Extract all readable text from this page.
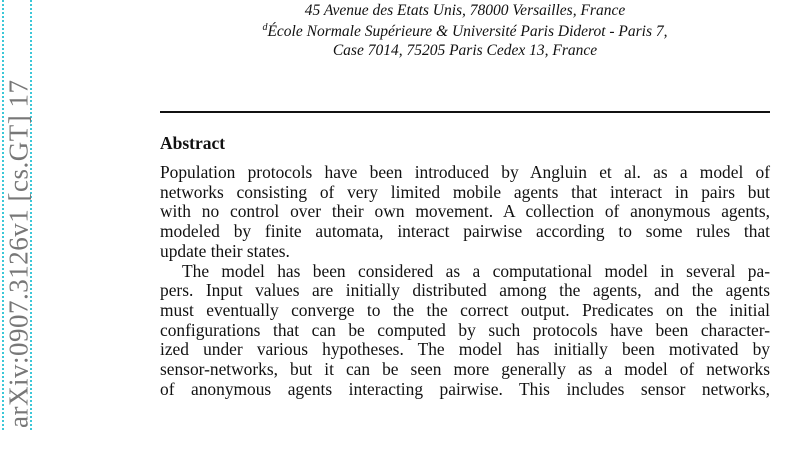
arXiv:0907.3126v1 [cs.GT] 17
45 Avenue des Etats Unis, 78000 Versailles, France
$^d$École Normale Supérieure & Université Paris Diderot - Paris 7,
Case 7014, 75205 Paris Cedex 13, France
Abstract
Population protocols have been introduced by Angluin et al. as a model of
networks consisting of very limited mobile agents that interact in pairs but
with no control over their own movement. A collection of anonymous agents,
modeled by finite automata, interact pairwise according to some rules that
update their states.
The model has been considered as a computational model in several pa-
pers. Input values are initially distributed among the agents, and the agents
must eventually converge to the the correct output. Predicates on the initial
configurations that can be computed by such protocols have been character-
ized under various hypotheses. The model has initially been motivated by
sensor-networks, but it can be seen more generally as a model of networks
of anonymous agents interacting pairwise. This includes sensor networks,
